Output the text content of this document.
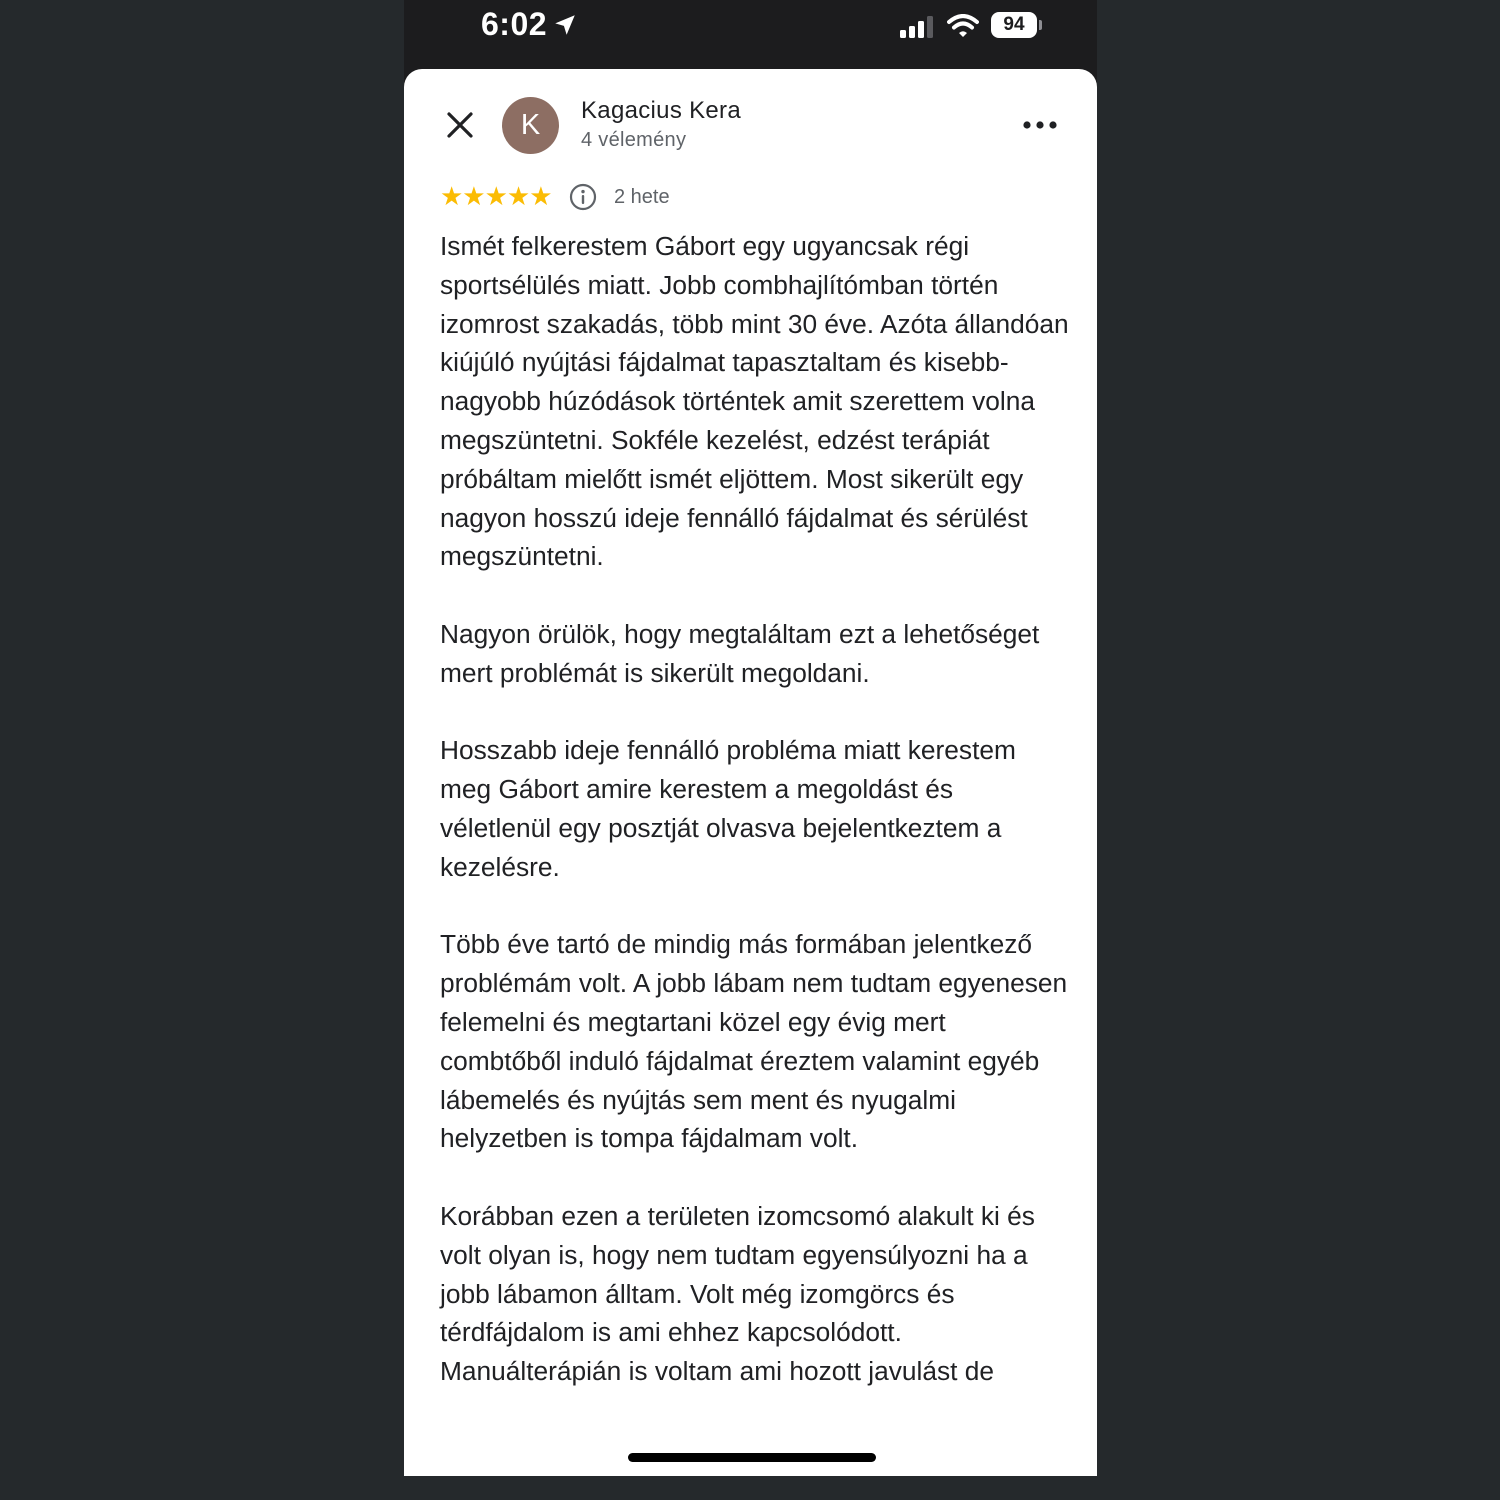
6:02	94
K	Kagacius Kera
4 vélemény
★★★★★	2 hete

Ismét felkerestem Gábort egy ugyancsak régi sportsélülés miatt. Jobb combhajlítómban történ izomrost szakadás, több mint 30 éve. Azóta állandóan kiújúló nyújtási fájdalmat tapasztaltam és kisebb-nagyobb húzódások történtek amit szerettem volna megszüntetni. Sokféle kezelést, edzést terápiát próbáltam mielőtt ismét eljöttem. Most sikerült egy nagyon hosszú ideje fennálló fájdalmat és sérülést megszüntetni.

Nagyon örülök, hogy megtaláltam ezt a lehetőséget mert problémát is sikerült megoldani.

Hosszabb ideje fennálló probléma miatt kerestem meg Gábort amire kerestem a megoldást és véletlenül egy posztját olvasva bejelentkeztem a kezelésre.

Több éve tartó de mindig más formában jelentkező problémám volt. A jobb lábam nem tudtam egyenesen felemelni és megtartani közel egy évig mert combtőből induló fájdalmat éreztem valamint egyéb lábemelés és nyújtás sem ment és nyugalmi helyzetben is tompa fájdalmam volt.

Korábban ezen a területen izomcsomó alakult ki és volt olyan is, hogy nem tudtam egyensúlyozni ha a jobb lábamon álltam. Volt még izomgörcs és térdfájdalom is ami ehhez kapcsolódott. Manuálterápián is voltam ami hozott javulást de
